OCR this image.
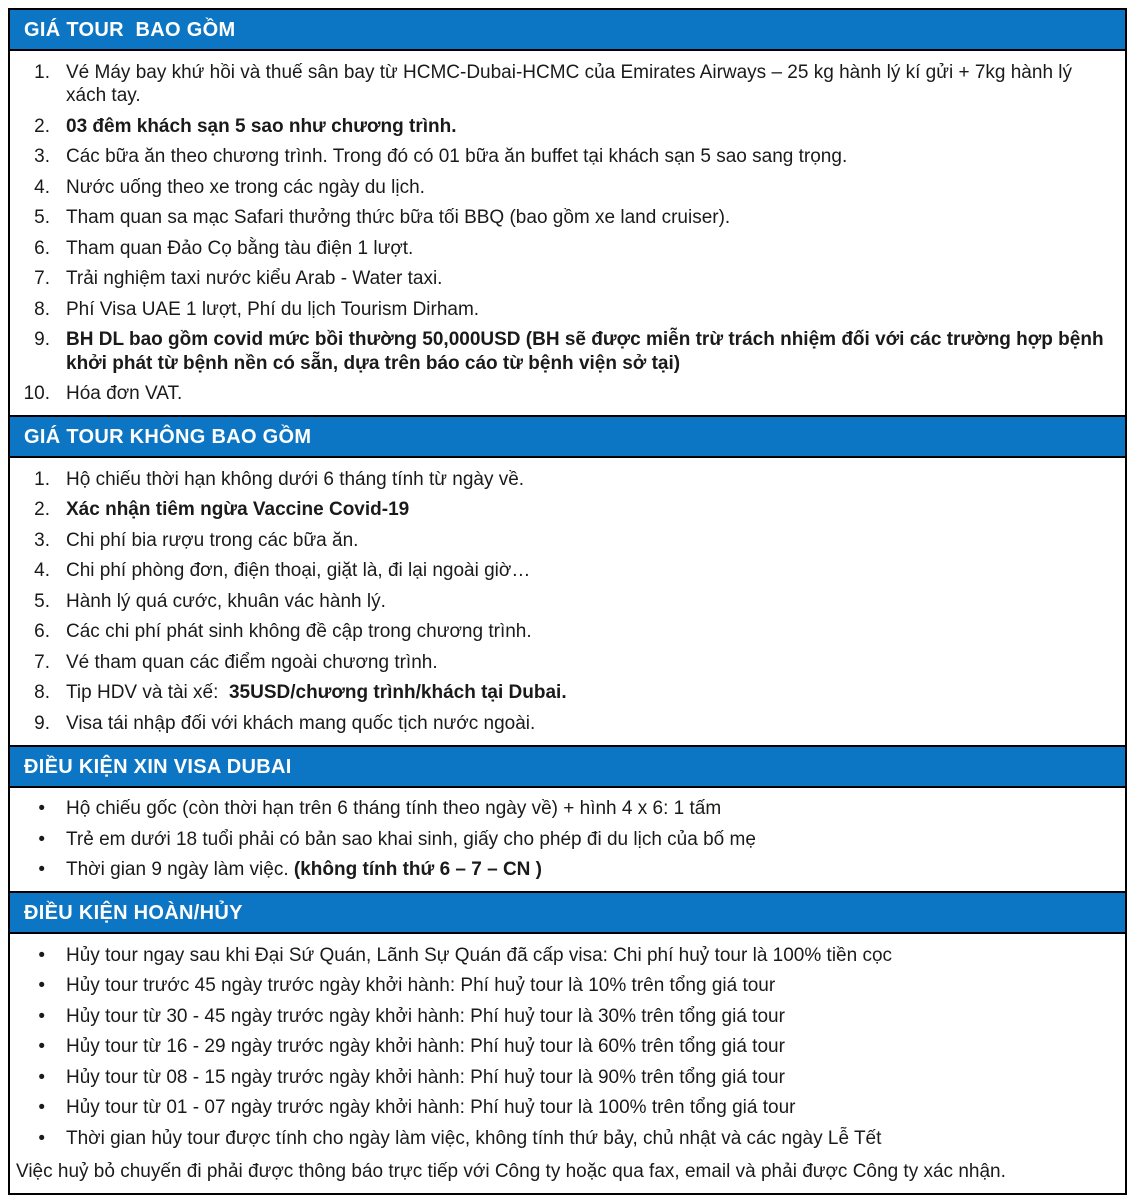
GIÁ TOUR  BAO GỒM
1. Vé Máy bay khứ hồi và thuế sân bay từ HCMC-Dubai-HCMC của Emirates Airways – 25 kg hành lý kí gửi + 7kg hành lý xách tay.
2. 03 đêm khách sạn 5 sao như chương trình.
3. Các bữa ăn theo chương trình. Trong đó có 01 bữa ăn buffet tại khách sạn 5 sao sang trọng.
4. Nước uống theo xe trong các ngày du lịch.
5. Tham quan sa mạc Safari thưởng thức bữa tối BBQ (bao gồm xe land cruiser).
6. Tham quan Đảo Cọ bằng tàu điện 1 lượt.
7. Trải nghiệm taxi nước kiểu Arab - Water taxi.
8. Phí Visa UAE 1 lượt, Phí du lịch Tourism Dirham.
9. BH DL bao gồm covid mức bồi thường 50,000USD (BH sẽ được miễn trừ trách nhiệm đối với các trường hợp bệnh khởi phát từ bệnh nền có sẵn, dựa trên báo cáo từ bệnh viện sở tại)
10. Hóa đơn VAT.
GIÁ TOUR KHÔNG BAO GỒM
1. Hộ chiếu thời hạn không dưới 6 tháng tính từ ngày về.
2. Xác nhận tiêm ngừa Vaccine Covid-19
3. Chi phí bia rượu trong các bữa ăn.
4. Chi phí phòng đơn, điện thoại, giặt là, đi lại ngoài giờ…
5. Hành lý quá cước, khuân vác hành lý.
6. Các chi phí phát sinh không đề cập trong chương trình.
7. Vé tham quan các điểm ngoài chương trình.
8. Tip HDV và tài xế:  35USD/chương trình/khách tại Dubai.
9. Visa tái nhập đối với khách mang quốc tịch nước ngoài.
ĐIỀU KIỆN XIN VISA DUBAI
•	Hộ chiếu gốc (còn thời hạn trên 6 tháng tính theo ngày về) + hình 4 x 6: 1 tấm
•	Trẻ em dưới 18 tuổi phải có bản sao khai sinh, giấy cho phép đi du lịch của bố mẹ
•	Thời gian 9 ngày làm việc. (không tính thứ 6 – 7 – CN )
ĐIỀU KIỆN HOÀN/HỦY
•	Hủy tour ngay sau khi Đại Sứ Quán, Lãnh Sự Quán đã cấp visa: Chi phí huỷ tour là 100% tiền cọc
•	Hủy tour trước 45 ngày trước ngày khởi hành: Phí huỷ tour là 10% trên tổng giá tour
•	Hủy tour từ 30 - 45 ngày trước ngày khởi hành: Phí huỷ tour là 30% trên tổng giá tour
•	Hủy tour từ 16 - 29 ngày trước ngày khởi hành: Phí huỷ tour là 60% trên tổng giá tour
•	Hủy tour từ 08 - 15 ngày trước ngày khởi hành: Phí huỷ tour là 90% trên tổng giá tour
•	Hủy tour từ 01 - 07 ngày trước ngày khởi hành: Phí huỷ tour là 100% trên tổng giá tour
•	Thời gian hủy tour được tính cho ngày làm việc, không tính thứ bảy, chủ nhật và các ngày Lễ Tết

Việc huỷ bỏ chuyến đi phải được thông báo trực tiếp với Công ty hoặc qua fax, email và phải được Công ty xác nhận.
